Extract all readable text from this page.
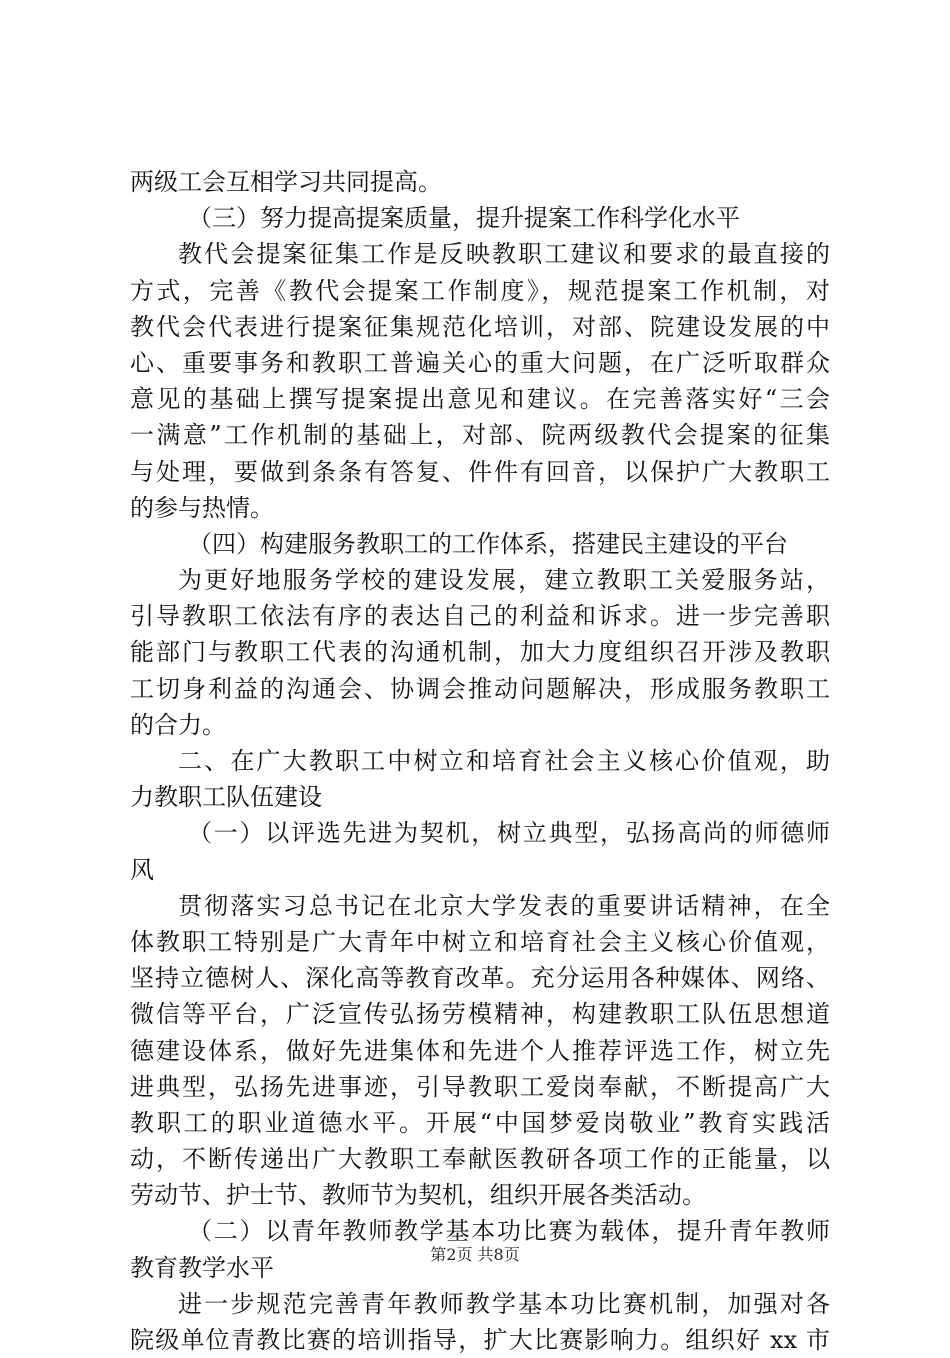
两级工会互相学习共同提高。
（三）努力提高提案质量，提升提案工作科学化水平
教代会提案征集工作是反映教职工建议和要求的最直接的
方式，完善《教代会提案工作制度》，规范提案工作机制，对
教代会代表进行提案征集规范化培训，对部、院建设发展的中
心、重要事务和教职工普遍关心的重大问题，在广泛听取群众
意见的基础上撰写提案提出意见和建议。在完善落实好“三会
一满意”工作机制的基础上，对部、院两级教代会提案的征集
与处理，要做到条条有答复、件件有回音，以保护广大教职工
的参与热情。
（四）构建服务教职工的工作体系，搭建民主建设的平台
为更好地服务学校的建设发展，建立教职工关爱服务站，
引导教职工依法有序的表达自己的利益和诉求。进一步完善职
能部门与教职工代表的沟通机制，加大力度组织召开涉及教职
工切身利益的沟通会、协调会推动问题解决，形成服务教职工
的合力。
二、在广大教职工中树立和培育社会主义核心价值观，助
力教职工队伍建设
（一）以评选先进为契机，树立典型，弘扬高尚的师德师
风
贯彻落实习总书记在北京大学发表的重要讲话精神，在全
体教职工特别是广大青年中树立和培育社会主义核心价值观，
坚持立德树人、深化高等教育改革。充分运用各种媒体、网络、
微信等平台，广泛宣传弘扬劳模精神，构建教职工队伍思想道
德建设体系，做好先进集体和先进个人推荐评选工作，树立先
进典型，弘扬先进事迹，引导教职工爱岗奉献，不断提高广大
教职工的职业道德水平。开展“中国梦爱岗敬业”教育实践活
动，不断传递出广大教职工奉献医教研各项工作的正能量，以
劳动节、护士节、教师节为契机，组织开展各类活动。
（二）以青年教师教学基本功比赛为载体，提升青年教师
教育教学水平
进一步规范完善青年教师教学基本功比赛机制，加强对各
院级单位青教比赛的培训指导，扩大比赛影响力。组织好 xx 市
第2页 共8页
